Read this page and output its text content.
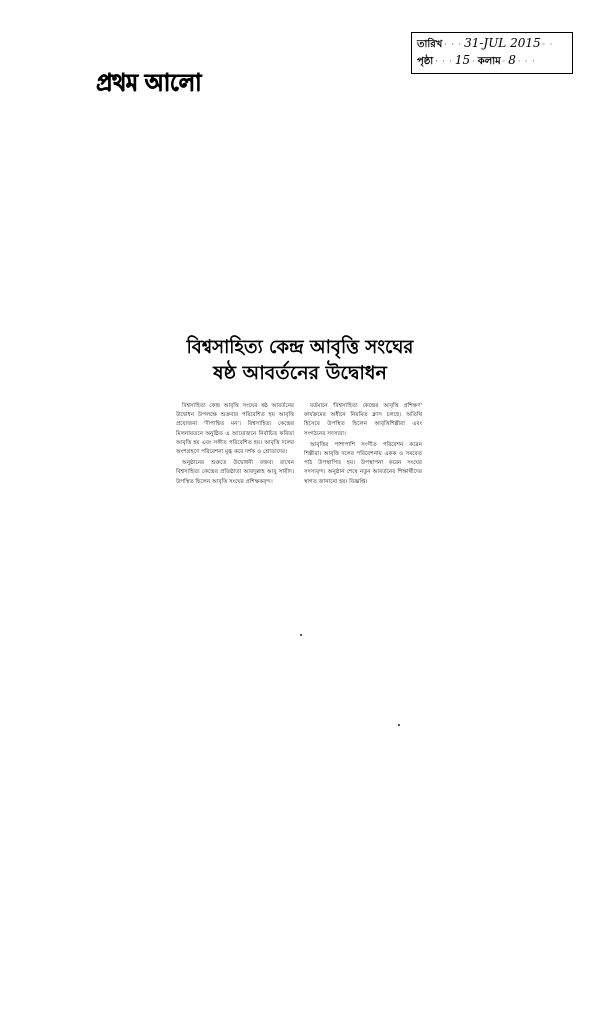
প্রথম আলো
তারিখ · · · 31-JUL 2015 · ·
পৃষ্ঠা · · · 15 · কলাম · 8 · · ·
বিশ্বসাহিত্য কেন্দ্র আবৃত্তি সংঘের
ষষ্ঠ আবর্তনের উদ্বোধন

বিশ্বসাহিত্য কেন্দ্র আবৃত্তি সংঘের ষষ্ঠ আবর্তনের উদ্বোধন উপলক্ষে শুক্রবার পরিবেশিত হয় আবৃত্তি প্রযোজনা 'দীপান্বিত মন'। বিশ্বসাহিত্য কেন্দ্রের মিলনায়তনে অনুষ্ঠিত এ আয়োজনে নির্বাচিত কবিতা আবৃত্তি হয় এবং সঙ্গীত পরিবেশিত হয়। আবৃত্তি দলের অংশগ্রহণে পরিবেশনা মুগ্ধ করে দর্শক ও শ্রোতাদের।

অনুষ্ঠানের শুরুতে উদ্বোধনী বক্তব্য রাখেন বিশ্বসাহিত্য কেন্দ্রের প্রতিষ্ঠাতা আবদুল্লাহ আবু সায়ীদ। উপস্থিত ছিলেন আবৃত্তি সংঘের প্রশিক্ষকবৃন্দ।

বর্তমানে 'বিশ্বসাহিত্য কেন্দ্রের আবৃত্তি প্রশিক্ষণ' কার্যক্রমের অধীনে নিয়মিত ক্লাস চলছে। অতিথি হিসেবে উপস্থিত ছিলেন আবৃত্তিশিল্পীরা এবং সংগঠনের সদস্যরা।

আবৃত্তির পাশাপাশি সংগীত পরিবেশন করেন শিল্পীরা। আবৃত্তি দলের পরিবেশনায় একক ও সমবেত পাঠ উপস্থাপিত হয়। উপস্থাপনা করেন সংঘের সদস্যবৃন্দ। অনুষ্ঠান শেষে নতুন আবর্তনের শিক্ষার্থীদের স্বাগত জানানো হয়। বিজ্ঞপ্তি।
